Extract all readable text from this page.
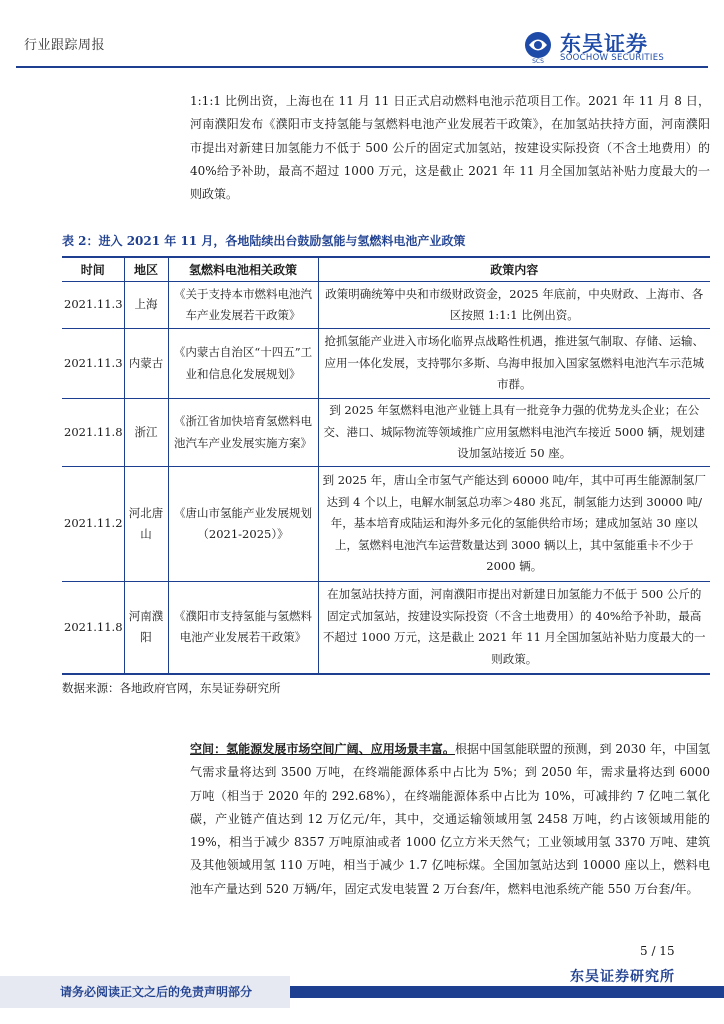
行业跟踪周报
SCS
东吴证券
SOOCHOW SECURITIES
1:1:1 比例出资，上海也在 11 月 11 日正式启动燃料电池示范项目工作。2021 年 11 月 8 日，河南濮阳发布《濮阳市支持氢能与氢燃料电池产业发展若干政策》，在加氢站扶持方面，河南濮阳市提出对新建日加氢能力不低于 500 公斤的固定式加氢站，按建设实际投资（不含土地费用）的 40%给予补助，最高不超过 1000 万元，这是截止 2021 年 11 月全国加氢站补贴力度最大的一则政策。
表 2：进入 2021 年 11 月，各地陆续出台鼓励氢能与氢燃料电池产业政策
时间	地区	氢燃料电池相关政策	政策内容
2021.11.3	上海	《关于支持本市燃料电池汽车产业发展若干政策》	政策明确统筹中央和市级财政资金，2025 年底前，中央财政、上海市、各区按照 1:1:1 比例出资。
2021.11.3	内蒙古	《内蒙古自治区“十四五”工业和信息化发展规划》	抢抓氢能产业进入市场化临界点战略性机遇，推进氢气制取、存储、运输、应用一体化发展，支持鄂尔多斯、乌海申报加入国家氢燃料电池汽车示范城市群。
2021.11.8	浙江	《浙江省加快培育氢燃料电池汽车产业发展实施方案》	到 2025 年氢燃料电池产业链上具有一批竞争力强的优势龙头企业；在公交、港口、城际物流等领域推广应用氢燃料电池汽车接近 5000 辆，规划建设加氢站接近 50 座。
2021.11.2	河北唐山	《唐山市氢能产业发展规划（2021-2025）》	到 2025 年，唐山全市氢气产能达到 60000 吨/年，其中可再生能源制氢厂达到 4 个以上，电解水制氢总功率＞480 兆瓦，制氢能力达到 30000 吨/年，基本培育成陆运和海外多元化的氢能供给市场；建成加氢站 30 座以上，氢燃料电池汽车运营数量达到 3000 辆以上，其中氢能重卡不少于 2000 辆。
2021.11.8	河南濮阳	《濮阳市支持氢能与氢燃料电池产业发展若干政策》	在加氢站扶持方面，河南濮阳市提出对新建日加氢能力不低于 500 公斤的固定式加氢站，按建设实际投资（不含土地费用）的 40%给予补助，最高不超过 1000 万元，这是截止 2021 年 11 月全国加氢站补贴力度最大的一则政策。
数据来源：各地政府官网，东吴证券研究所
空间：氢能源发展市场空间广阔、应用场景丰富。根据中国氢能联盟的预测，到 2030 年，中国氢气需求量将达到 3500 万吨，在终端能源体系中占比为 5%；到 2050 年，需求量将达到 6000 万吨（相当于 2020 年的 292.68%），在终端能源体系中占比为 10%，可减排约 7 亿吨二氧化碳，产业链产值达到 12 万亿元/年，其中，交通运输领域用氢 2458 万吨，约占该领域用能的 19%，相当于减少 8357 万吨原油或者 1000 亿立方米天然气；工业领域用氢 3370 万吨、建筑及其他领域用氢 110 万吨，相当于减少 1.7 亿吨标煤。全国加氢站达到 10000 座以上，燃料电池车产量达到 520 万辆/年，固定式发电装置 2 万台套/年，燃料电池系统产能 550 万台套/年。
5 / 15
东吴证券研究所
请务必阅读正文之后的免责声明部分
